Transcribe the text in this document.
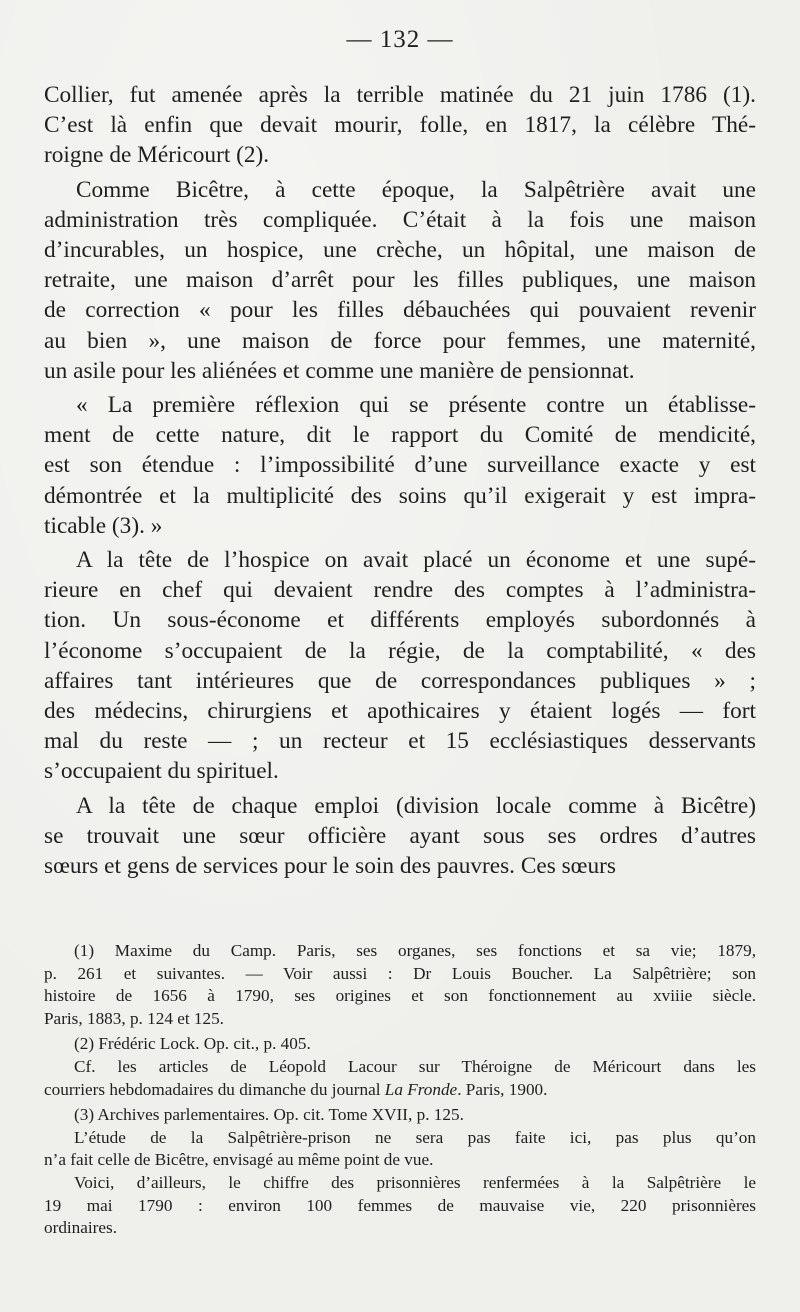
— 132 —

Collier, fut amenée après la terrible matinée du 21 juin 1786 (1).
C’est là enfin que devait mourir, folle, en 1817, la célèbre Thé-
roigne de Méricourt (2).

Comme Bicêtre, à cette époque, la Salpêtrière avait une
administration très compliquée. C’était à la fois une maison
d’incurables, un hospice, une crèche, un hôpital, une maison de
retraite, une maison d’arrêt pour les filles publiques, une maison
de correction « pour les filles débauchées qui pouvaient revenir
au bien », une maison de force pour femmes, une maternité,
un asile pour les aliénées et comme une manière de pensionnat.

« La première réflexion qui se présente contre un établisse-
ment de cette nature, dit le rapport du Comité de mendicité,
est son étendue : l’impossibilité d’une surveillance exacte y est
démontrée et la multiplicité des soins qu’il exigerait y est impra-
ticable (3). »

A la tête de l’hospice on avait placé un économe et une supé-
rieure en chef qui devaient rendre des comptes à l’administra-
tion. Un sous-économe et différents employés subordonnés à
l’économe s’occupaient de la régie, de la comptabilité, « des
affaires tant intérieures que de correspondances publiques » ;
des médecins, chirurgiens et apothicaires y étaient logés — fort
mal du reste — ; un recteur et 15 ecclésiastiques desservants
s’occupaient du spirituel.

A la tête de chaque emploi (division locale comme à Bicêtre)
se trouvait une sœur officière ayant sous ses ordres d’autres
sœurs et gens de services pour le soin des pauvres. Ces sœurs

(1) Maxime du Camp. Paris, ses organes, ses fonctions et sa vie; 1879,
p. 261 et suivantes. — Voir aussi : Dr Louis Boucher. La Salpêtrière; son
histoire de 1656 à 1790, ses origines et son fonctionnement au xviiie siècle.
Paris, 1883, p. 124 et 125.
(2) Frédéric Lock. Op. cit., p. 405.
Cf. les articles de Léopold Lacour sur Théroigne de Méricourt dans les
courriers hebdomadaires du dimanche du journal La Fronde. Paris, 1900.
(3) Archives parlementaires. Op. cit. Tome XVII, p. 125.
L’étude de la Salpêtrière-prison ne sera pas faite ici, pas plus qu’on
n’a fait celle de Bicêtre, envisagé au même point de vue.
Voici, d’ailleurs, le chiffre des prisonnières renfermées à la Salpêtrière le
19 mai 1790 : environ 100 femmes de mauvaise vie, 220 prisonnières
ordinaires.
